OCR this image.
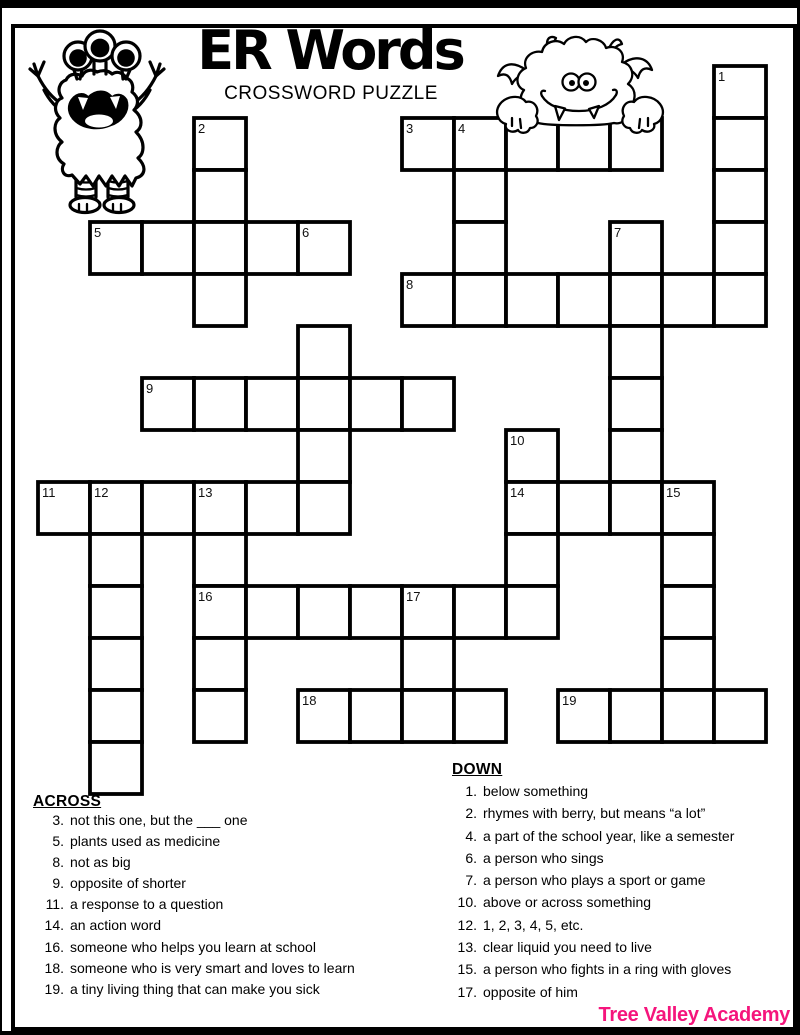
ER Words
CROSSWORD PUZZLE
1
2	3	4
5	6	7
8
9
10
11	12	13	14	15
16	17
18	19
ACROSS
3. not this one, but the ___ one
5. plants used as medicine
8. not as big
9. opposite of shorter
11. a response to a question
14. an action word
16. someone who helps you learn at school
18. someone who is very smart and loves to learn
19. a tiny living thing that can make you sick
DOWN
1. below something
2. rhymes with berry, but means “a lot”
4. a part of the school year, like a semester
6. a person who sings
7. a person who plays a sport or game
10. above or across something
12. 1, 2, 3, 4, 5, etc.
13. clear liquid you need to live
15. a person who fights in a ring with gloves
17. opposite of him
Tree Valley Academy
